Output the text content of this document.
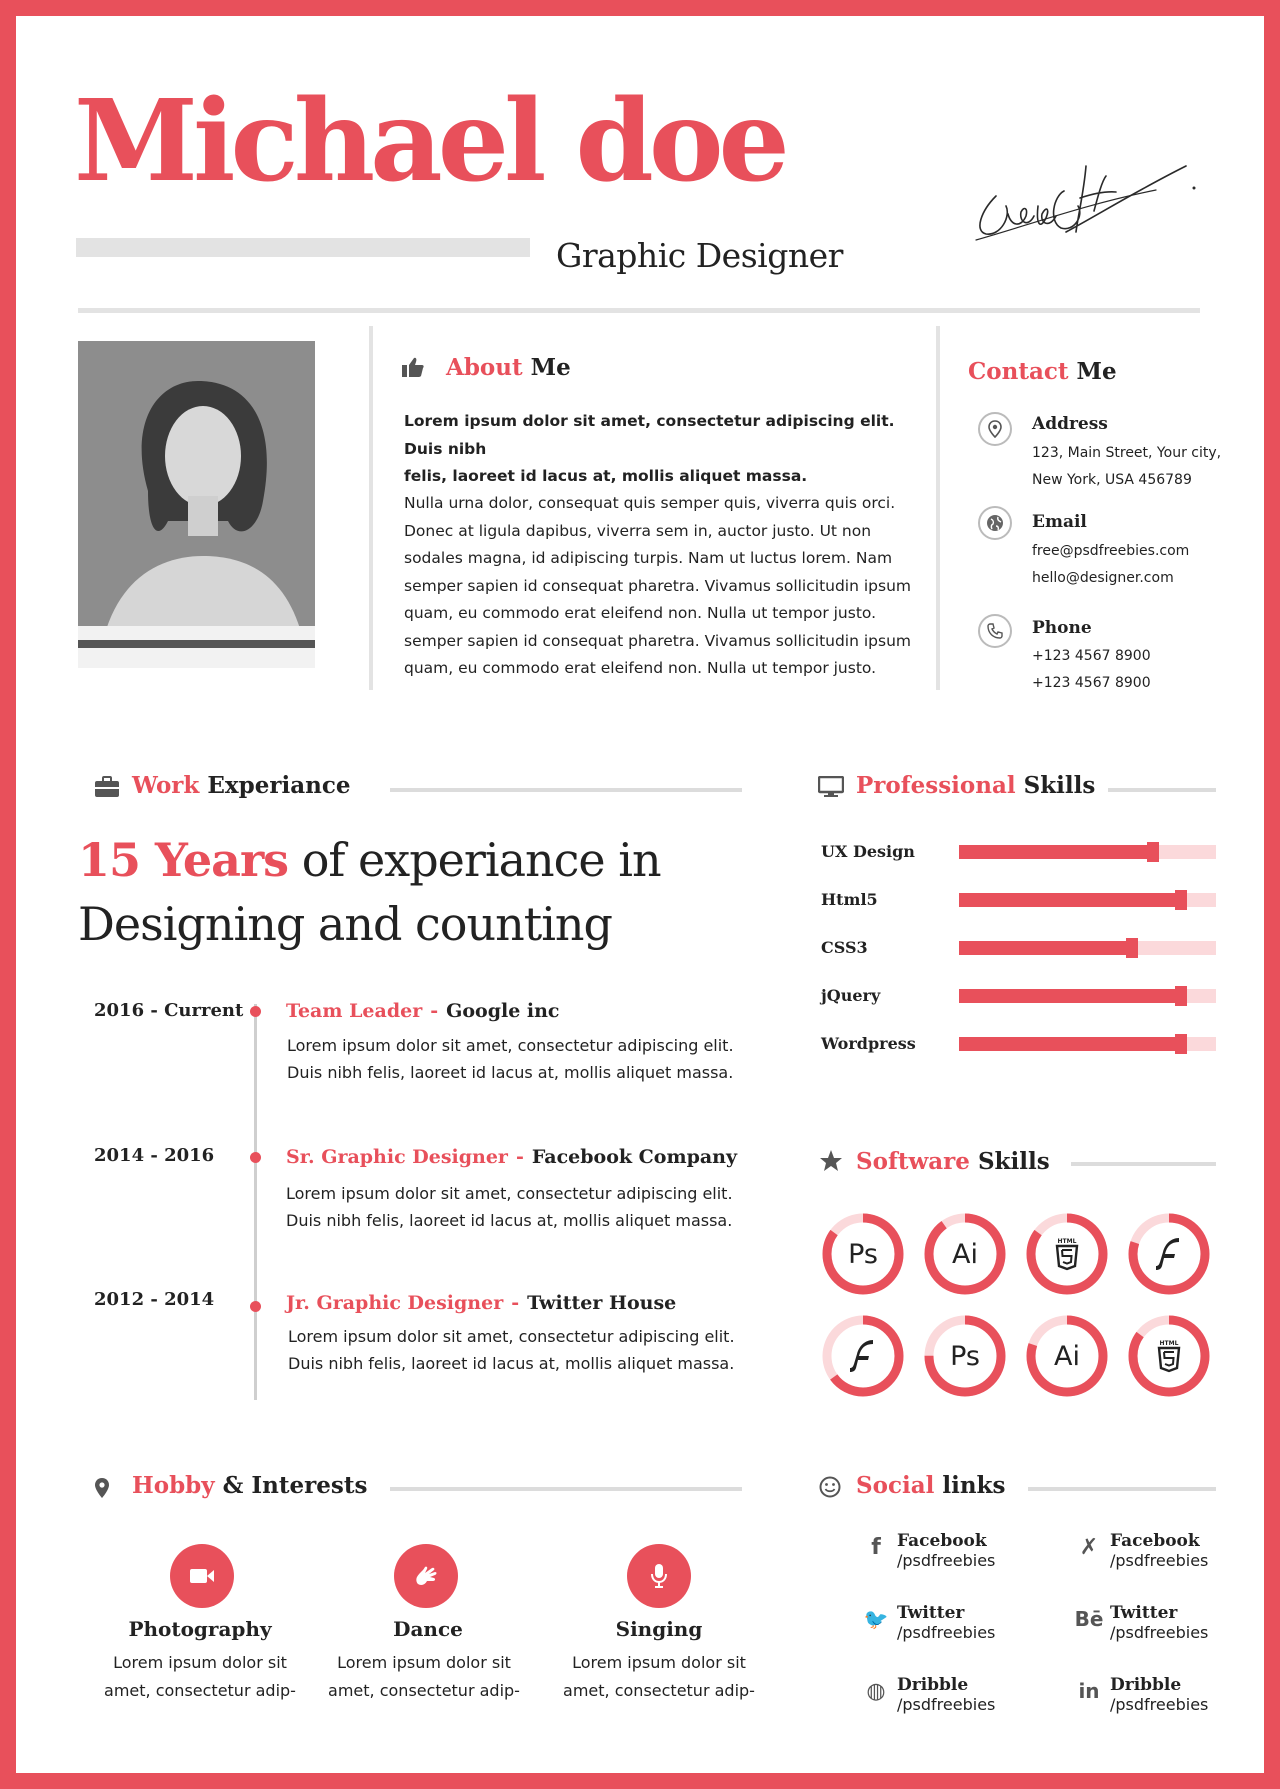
Michael doe
Graphic Designer
About Me
Lorem ipsum dolor sit amet, consectetur adipiscing elit. Duis nibh
felis, laoreet id lacus at, mollis aliquet massa.
Nulla urna dolor, consequat quis semper quis, viverra quis orci.
Donec at ligula dapibus, viverra sem in, auctor justo. Ut non
sodales magna, id adipiscing turpis. Nam ut luctus lorem. Nam
semper sapien id consequat pharetra. Vivamus sollicitudin ipsum
quam, eu commodo erat eleifend non. Nulla ut tempor justo.
semper sapien id consequat pharetra. Vivamus sollicitudin ipsum
quam, eu commodo erat eleifend non. Nulla ut tempor justo.
Contact Me
Address
123, Main Street, Your city,
New York, USA 456789
Email
free@psdfreebies.com
hello@designer.com
Phone
+123 4567 8900
+123 4567 8900
Work Experiance
15 Years of experiance in
Designing and counting
2016 - Current Team Leader - Google inc
Lorem ipsum dolor sit amet, consectetur adipiscing elit.
Duis nibh felis, laoreet id lacus at, mollis aliquet massa.
2014 - 2016	Sr. Graphic Designer - Facebook Company
Lorem ipsum dolor sit amet, consectetur adipiscing elit.
Duis nibh felis, laoreet id lacus at, mollis aliquet massa.
2012 - 2014	Jr. Graphic Designer - Twitter House
Lorem ipsum dolor sit amet, consectetur adipiscing elit.
Duis nibh felis, laoreet id lacus at, mollis aliquet massa.
Professional Skills
UX Design
Html5
CSS3
jQuery
Wordpress
Software Skills
Ps	Ai	HTML
Ps	Ai	HTML
Hobby & Interests
Photography
Lorem ipsum dolor sit
amet, consectetur adip-
Dance
Lorem ipsum dolor sit
amet, consectetur adip-
Singing
Lorem ipsum dolor sit
amet, consectetur adip-
Social links
f Facebook
/psdfreebies
✗ Facebook
/psdfreebies
🐦 Twitter
/psdfreebies
Bē Twitter
/psdfreebies
◍ Dribble
/psdfreebies
in Dribble
/psdfreebies
